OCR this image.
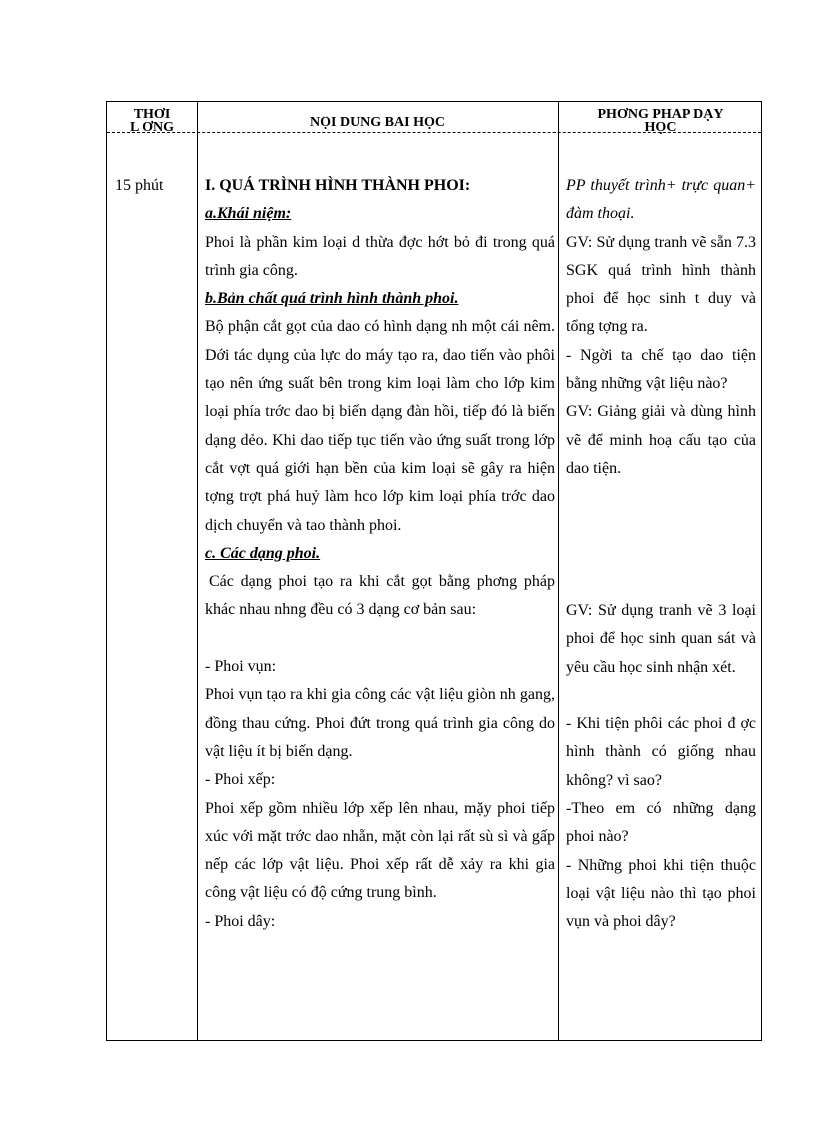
THỜI
L ƠNG	NỘI DUNG BÀI HỌC
PHƠNG PHÁP DẠY
HỌC
15 phút	I. QUÁ TRÌNH HÌNH THÀNH PHOI:

a.Khái niệm:

Phoi là phần kim loại d thừa đợc hớt bỏ đi trong quá trình gia công.

b.Bản chất quá trình hình thành phoi.

Bộ phận cắt gọt của dao có hình dạng nh một cái nêm. Dới tác dụng của lực do máy tạo ra, dao tiến vào phôi tạo nên ứng suất bên trong kim loại làm cho lớp kim loại phía trớc dao bị biến dạng đàn hồi, tiếp đó là biến dạng dẻo. Khi dao tiếp tục tiến vào ứng suất trong lớp cắt vợt quá giới hạn bền của kim loại sẽ gây ra hiện tợng trợt phá huỷ làm hco lớp kim loại phía trớc dao dịch chuyển và tao thành phoi.

c. Các dạng phoi.

Các dạng phoi tạo ra khi cắt gọt bằng phơng pháp khác nhau nhng đều có 3 dạng cơ bản sau:

- Phoi vụn:

Phoi vụn tạo ra khi gia công các vật liệu giòn nh gang, đồng thau cứng. Phoi đứt trong quá trình gia công do vật liệu ít bị biến dạng.

- Phoi xếp:

Phoi xếp gồm nhiều lớp xếp lên nhau, mặy phoi tiếp xúc với mặt trớc dao nhẵn, mặt còn lại rất sù sì và gấp nếp các lớp vật liệu. Phoi xếp rất dễ xảy ra khi gia công vật liệu có độ cứng trung bình.

- Phoi dây:

PP thuyết trình+ trực quan+ đàm thoại.

GV: Sử dụng tranh vẽ sẵn 7.3 SGK quá trình hình thành phoi để học sinh t duy và tổng tợng ra.

- Ngời ta chế tạo dao tiện bằng những vật liệu nào?

GV: Giảng giải và dùng hình vẽ để minh hoạ cấu tạo của dao tiện.

GV: Sử dụng tranh vẽ 3 loại phoi để học sinh quan sát và yêu cầu học sinh nhận xét.

- Khi tiện phôi các phoi đ ợc hình thành có giống nhau không? vì sao?

-Theo em có những dạng phoi nào?

- Những phoi khi tiện thuộc loại vật liệu nào thì tạo phoi vụn và phoi dây?
